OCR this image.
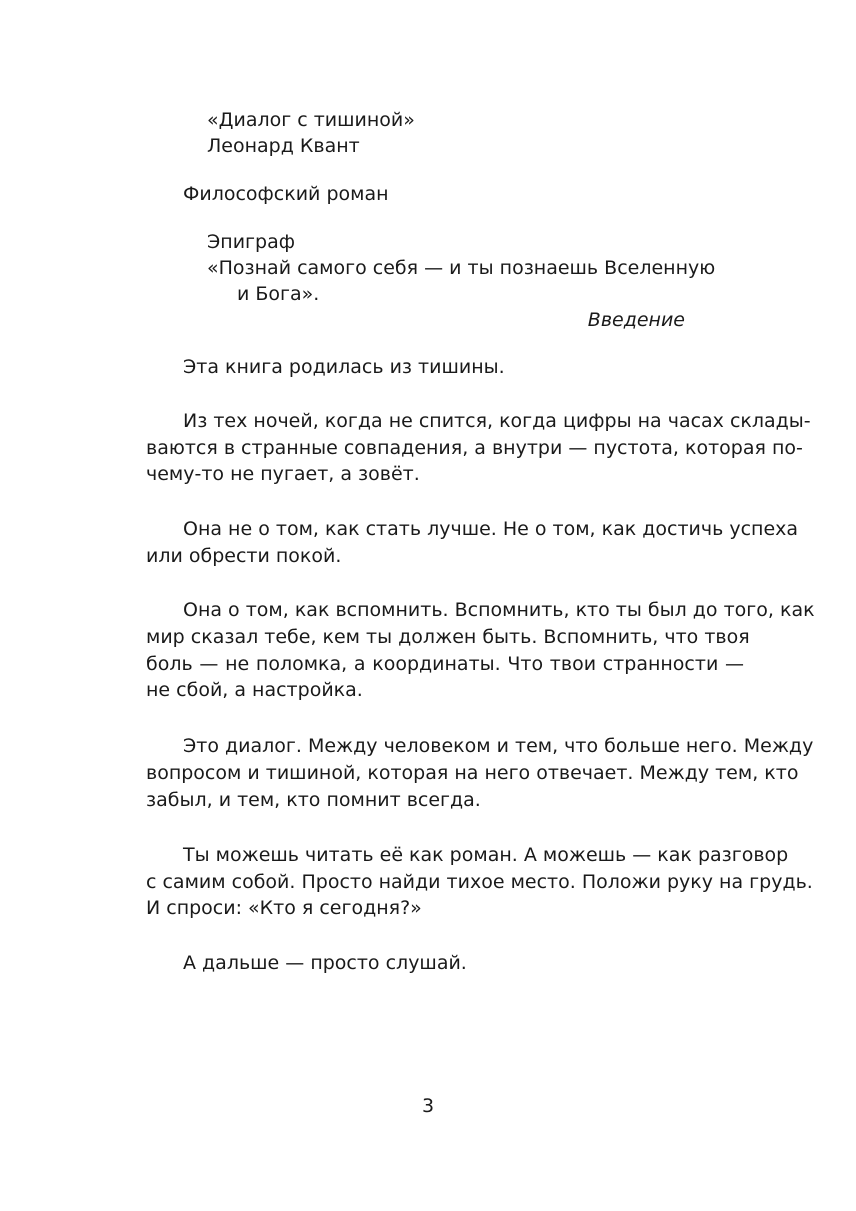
«Диалог с тишиной»

Леонард Квант

Философский роман

Эпиграф

«Познай самого себя — и ты познаешь Вселенную

и Бога».

Введение

Эта книга родилась из тишины.

Из тех ночей, когда не спится, когда цифры на часах склады-

ваются в странные совпадения, а внутри — пустота, которая по-

чему-то не пугает, а зовёт.

Она не о том, как стать лучше. Не о том, как достичь успеха

или обрести покой.

Она о том, как вспомнить. Вспомнить, кто ты был до того, как

мир сказал тебе, кем ты должен быть. Вспомнить, что твоя

боль — не поломка, а координаты. Что твои странности —

не сбой, а настройка.

Это диалог. Между человеком и тем, что больше него. Между

вопросом и тишиной, которая на него отвечает. Между тем, кто

забыл, и тем, кто помнит всегда.

Ты можешь читать её как роман. А можешь — как разговор

с самим собой. Просто найди тихое место. Положи руку на грудь.

И спроси: «Кто я сегодня?»

А дальше — просто слушай.

3
